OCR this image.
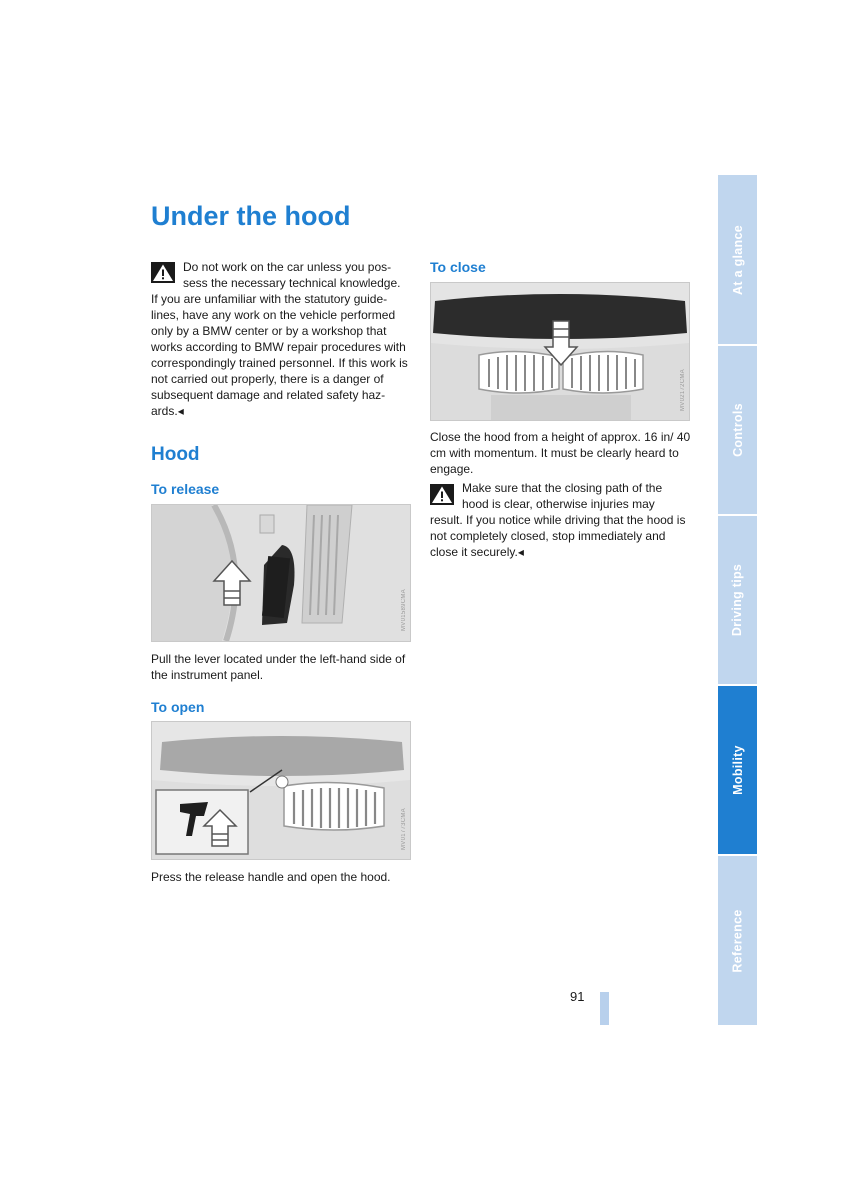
Under the hood

Do not work on the car unless you pos-

sess the necessary technical knowledge.

If you are unfamiliar with the statutory guide-lines, have any work on the vehicle performed only by a BMW center or by a workshop that works according to BMW repair procedures with correspondingly trained personnel. If this work is not carried out properly, there is a danger of subsequent damage and related safety haz-ards.◂

Hood
To release
MV01589CMA

Pull the lever located under the left-hand side of the instrument panel.

To open
MV01773CMA

Press the release handle and open the hood.

To close
MV02172CMA

Close the hood from a height of approx. 16 in/ 40 cm with momentum. It must be clearly heard to engage.

Make sure that the closing path of the

hood is clear, otherwise injuries may

result. If you notice while driving that the hood is not completely closed, stop immediately and close it securely.◂

91
At a glance
Controls
Driving tips
Mobility
Reference
